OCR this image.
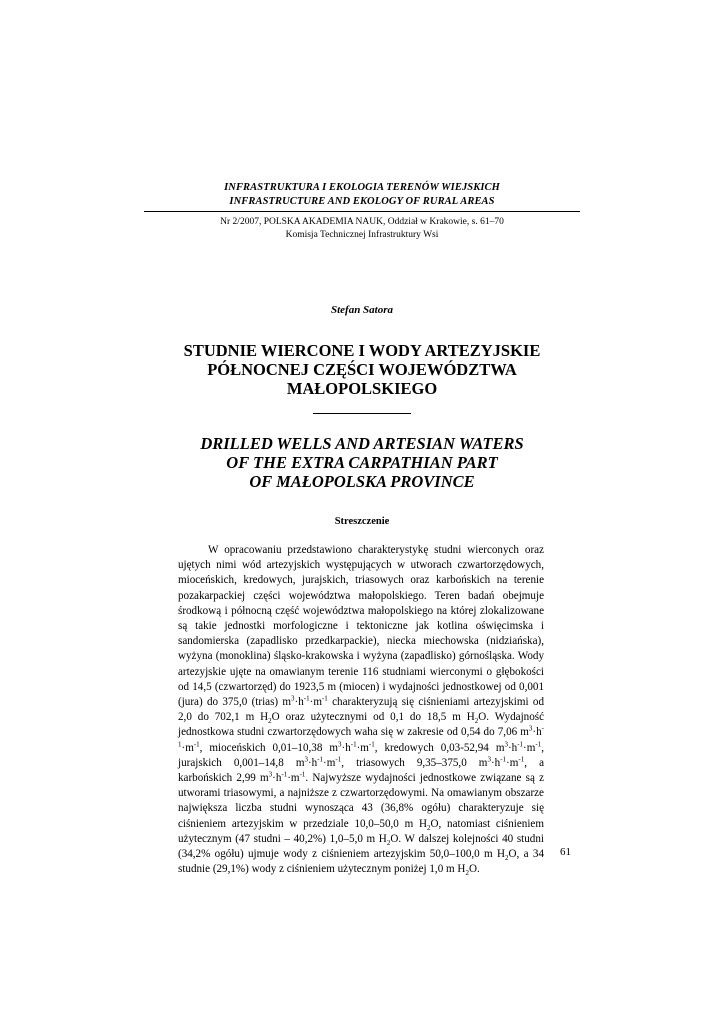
INFRASTRUKTURA I EKOLOGIA TERENÓW WIEJSKICH
INFRASTRUCTURE AND EKOLOGY OF RURAL AREAS
Nr 2/2007, POLSKA AKADEMIA NAUK, Oddział w Krakowie, s. 61–70
Komisja Technicznej Infrastruktury Wsi
Stefan Satora
STUDNIE WIERCONE I WODY ARTEZYJSKIE
PÓŁNOCNEJ CZĘŚCI WOJEWÓDZTWA
MAŁOPOLSKIEGO
DRILLED WELLS AND ARTESIAN WATERS
OF THE EXTRA CARPATHIAN PART
OF MAŁOPOLSKA PROVINCE
Streszczenie

W opracowaniu przedstawiono charakterystykę studni wierconych oraz ujętych nimi wód artezyjskich występujących w utworach czwartorzędowych, mioceńskich, kredowych, jurajskich, triasowych oraz karbońskich na terenie pozakarpackiej części województwa małopolskiego. Teren badań obejmuje środkową i północną część województwa małopolskiego na której zlokalizowane są takie jednostki morfologiczne i tektoniczne jak kotlina oświęcimska i sandomierska (zapadlisko przedkarpackie), niecka miechowska (nidziańska), wyżyna (monoklina) śląsko-krakowska i wyżyna (zapadlisko) górnośląska. Wody artezyjskie ujęte na omawianym terenie 116 studniami wierconymi o głębokości od 14,5 (czwartorzęd) do 1923,5 m (miocen) i wydajności jednostkowej od 0,001 (jura) do 375,0 (trias) $m^3\cdot h^{-1}\cdot m^{-1}$ charakteryzują się ciśnieniami artezyjskimi od 2,0 do 702,1 m $H_2O$ oraz użytecznymi od 0,1 do 18,5 m $H_2O$. Wydajność jednostkowa studni czwartorzędowych waha się w zakresie od 0,54 do 7,06 $m^3\cdot h^{-1}\cdot m^{-1}$, mioceńskich 0,01–10,38 $m^3\cdot h^{-1}\cdot m^{-1}$, kredowych 0,03-52,94 $m^3\cdot h^{-1}\cdot m^{-1}$, jurajskich 0,001–14,8 $m^3\cdot h^{-1}\cdot m^{-1}$, triasowych 9,35–375,0 $m^3\cdot h^{-1}\cdot m^{-1}$, a karbońskich 2,99 $m^3\cdot h^{-1}\cdot m^{-1}$. Najwyższe wydajności jednostkowe związane są z utworami triasowymi, a najniższe z czwartorzędowymi. Na omawianym obszarze największa liczba studni wynosząca 43 (36,8% ogółu) charakteryzuje się ciśnieniem artezyjskim w przedziale 10,0–50,0 m $H_2O$, natomiast ciśnieniem użytecznym (47 studni – 40,2%) 1,0–5,0 m $H_2O$. W dalszej kolejności 40 studni (34,2% ogółu) ujmuje wody z ciśnieniem artezyjskim 50,0–100,0 m $H_2O$, a 34 studnie (29,1%) wody z ciśnieniem użytecznym poniżej 1,0 m $H_2O$.

61
